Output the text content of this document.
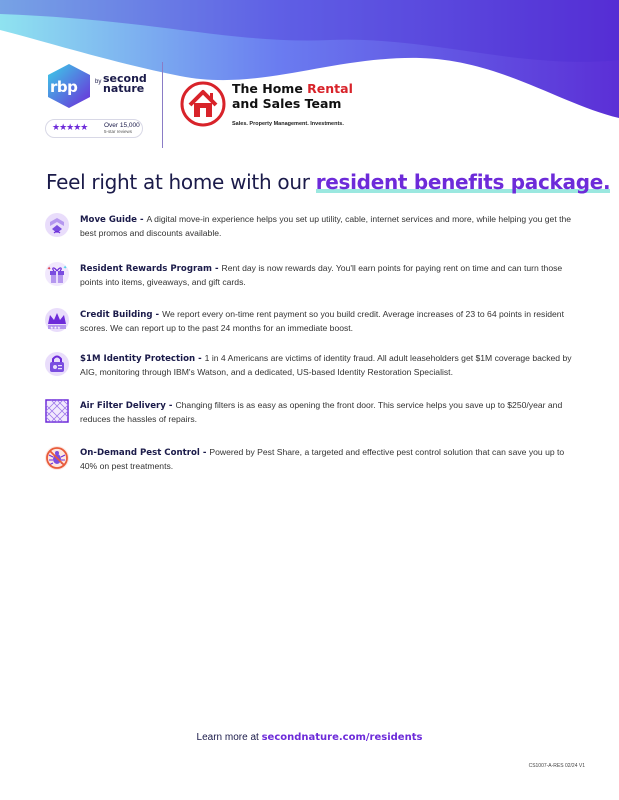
rbp	by second
nature
★★★★★	Over 15,000
5-star reviews
The Home Rental
and Sales Team
Sales. Property Management. Investments.
Feel right at home with our resident benefits package.
Move Guide - A digital move-in experience helps you set up utility, cable, internet services and more, while helping you get the best promos and discounts available.
✦ ✦ Resident Rewards Program - Rent day is now rewards day. You'll earn points for paying rent on time and can turn those points into items, giveaways, and gift cards.
★★★
Credit Building - We report every on-time rent payment so you build credit. Average increases of 23 to 64 points in resident scores. We can report up to the past 24 months for an immediate boost.
$1M Identity Protection - 1 in 4 Americans are victims of identity fraud. All adult leaseholders get $1M coverage backed by AIG, monitoring through IBM's Watson, and a dedicated, US-based Identity Restoration Specialist.
Air Filter Delivery - Changing filters is as easy as opening the front door. This service helps you save up to $250/year and reduces the hassles of repairs.
On-Demand Pest Control - Powered by Pest Share, a targeted and effective pest control solution that can save you up to 40% on pest treatments.
Learn more at secondnature.com/residents
CS1007-A-RES 02/24 V1
